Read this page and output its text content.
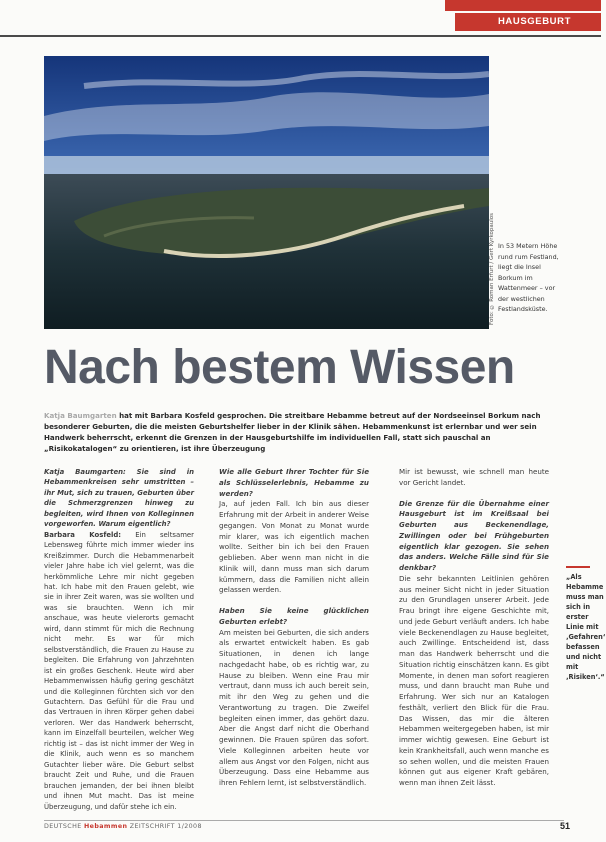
HAUSGEBURT
Foto: © Roman Erfurt / Gert Kyrkopaulos In 53 Metern Höhe rund rum Festland, liegt die Insel Borkum im Wattenmeer – vor der westlichen Festlandsküste.
Nach bestem Wissen
Katja Baumgarten hat mit Barbara Kosfeld gesprochen. Die streitbare Hebamme betreut auf der Nordseeinsel Borkum nach besonderer Geburten, die die meisten Geburtshelfer lieber in der Klinik sähen. Hebammenkunst ist erlernbar und wer sein Handwerk beherrscht, erkennt die Grenzen in der Hausgeburtshilfe im individuellen Fall, statt sich pauschal an „Risikokatalogen“ zu orientieren, ist ihre Überzeugung

Katja Baumgarten: Sie sind in Hebammenkreisen sehr umstritten – ihr Mut, sich zu trauen, Geburten über die Schmerzgrenzen hinweg zu begleiten, wird Ihnen von Kolleginnen vorgeworfen. Warum eigentlich?

Barbara Kosfeld: Ein seltsamer Lebensweg führte mich immer wieder ins Kreißzimmer. Durch die Hebammenarbeit vieler Jahre habe ich viel gelernt, was die herkömmliche Lehre mir nicht gegeben hat. Ich habe mit den Frauen gelebt, wie sie in ihrer Zeit waren, was sie wollten und was sie brauchten. Wenn ich mir anschaue, was heute vielerorts gemacht wird, dann stimmt für mich die Rechnung nicht mehr. Es war für mich selbstverständlich, die Frauen zu Hause zu begleiten. Die Erfahrung von Jahrzehnten ist ein großes Geschenk. Heute wird aber Hebammenwissen häufig gering geschätzt und die Kolleginnen fürchten sich vor den Gutachtern. Das Gefühl für die Frau und das Vertrauen in ihren Körper gehen dabei verloren. Wer das Handwerk beherrscht, kann im Einzelfall beurteilen, welcher Weg richtig ist – das ist nicht immer der Weg in die Klinik, auch wenn es so manchem Gutachter lieber wäre. Die Geburt selbst braucht Zeit und Ruhe, und die Frauen brauchen jemanden, der bei ihnen bleibt und ihnen Mut macht. Das ist meine Überzeugung, und dafür stehe ich ein.

Wie alle Geburt Ihrer Tochter für Sie als Schlüsselerlebnis, Hebamme zu werden?

Ja, auf jeden Fall. Ich bin aus dieser Erfahrung mit der Arbeit in anderer Weise gegangen. Von Monat zu Monat wurde mir klarer, was ich eigentlich machen wollte. Seither bin ich bei den Frauen geblieben. Aber wenn man nicht in die Klinik will, dann muss man sich darum kümmern, dass die Familien nicht allein gelassen werden.

Haben Sie keine glücklichen Geburten erlebt?

Am meisten bei Geburten, die sich anders als erwartet entwickelt haben. Es gab Situationen, in denen ich lange nachgedacht habe, ob es richtig war, zu Hause zu bleiben. Wenn eine Frau mir vertraut, dann muss ich auch bereit sein, mit ihr den Weg zu gehen und die Verantwortung zu tragen. Die Zweifel begleiten einen immer, das gehört dazu. Aber die Angst darf nicht die Oberhand gewinnen. Die Frauen spüren das sofort. Viele Kolleginnen arbeiten heute vor allem aus Angst vor den Folgen, nicht aus Überzeugung. Dass eine Hebamme aus ihren Fehlern lernt, ist selbstverständlich.

Mir ist bewusst, wie schnell man heute vor Gericht landet.

Die Grenze für die Übernahme einer Hausgeburt ist im Kreißsaal bei Geburten aus Beckenendlage, Zwillingen oder bei Frühgeburten eigentlich klar gezogen. Sie sehen das anders. Welche Fälle sind für Sie denkbar?

Die sehr bekannten Leitlinien gehören aus meiner Sicht nicht in jeder Situation zu den Grundlagen unserer Arbeit. Jede Frau bringt ihre eigene Geschichte mit, und jede Geburt verläuft anders. Ich habe viele Beckenendlagen zu Hause begleitet, auch Zwillinge. Entscheidend ist, dass man das Handwerk beherrscht und die Situation richtig einschätzen kann. Es gibt Momente, in denen man sofort reagieren muss, und dann braucht man Ruhe und Erfahrung. Wer sich nur an Katalogen festhält, verliert den Blick für die Frau. Das Wissen, das mir die älteren Hebammen weitergegeben haben, ist mir immer wichtig gewesen. Eine Geburt ist kein Krankheitsfall, auch wenn manche es so sehen wollen, und die meisten Frauen können gut aus eigener Kraft gebären, wenn man ihnen Zeit lässt.

„Als Hebamme muss man sich in erster Linie mit ‚Gefahren‘ befassen und nicht mit ‚Risiken‘.“
DEUTSCHE Hebammen ZEITSCHRIFT 1/2008	51
